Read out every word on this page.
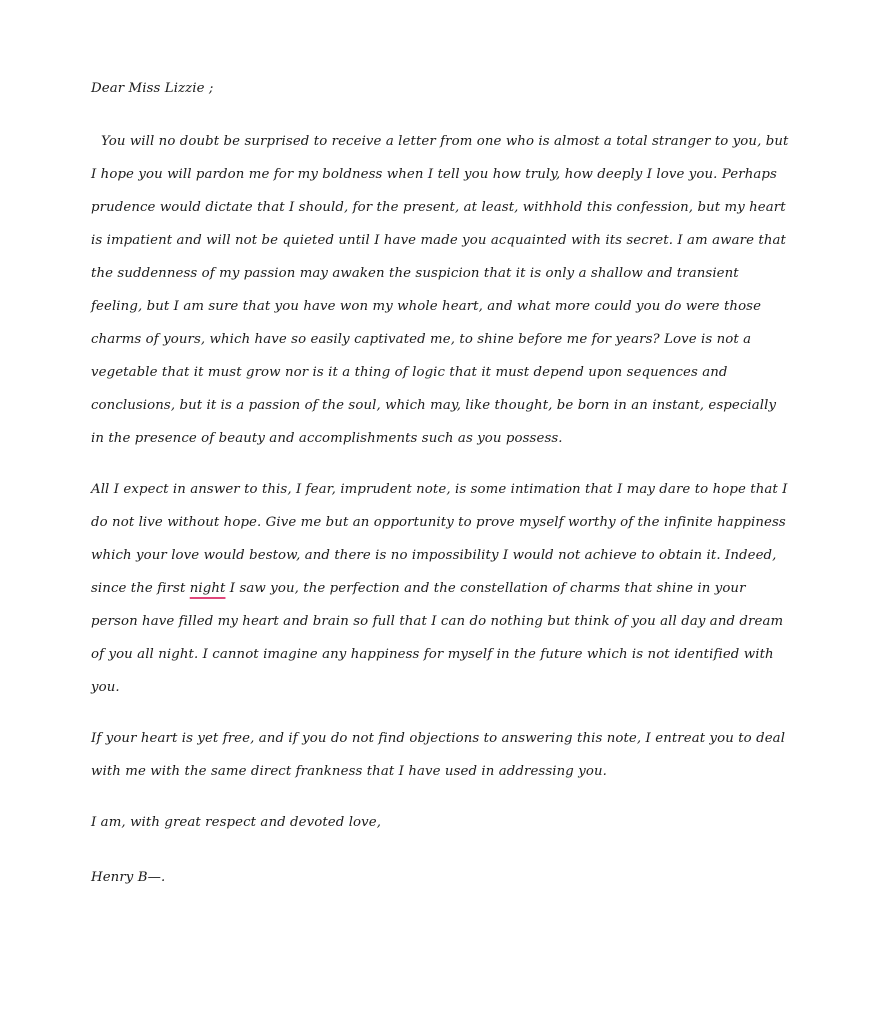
Dear Miss Lizzie ;

You will no doubt be surprised to receive a letter from one who is almost a total stranger to you, but I hope you will pardon me for my boldness when I tell you how truly, how deeply I love you. Perhaps prudence would dictate that I should, for the present, at least, withhold this confession, but my heart is impatient and will not be quieted until I have made you acquainted with its secret. I am aware that the suddenness of my passion may awaken the suspicion that it is only a shallow and transient feeling, but I am sure that you have won my whole heart, and what more could you do were those charms of yours, which have so easily captivated me, to shine before me for years? Love is not a vegetable that it must grow nor is it a thing of logic that it must depend upon sequences and conclusions, but it is a passion of the soul, which may, like thought, be born in an instant, especially in the presence of beauty and accomplishments such as you possess.

All I expect in answer to this, I fear, imprudent note, is some intimation that I may dare to hope that I do not live without hope. Give me but an opportunity to prove myself worthy of the infinite happiness which your love would bestow, and there is no impossibility I would not achieve to obtain it. Indeed, since the first night I saw you, the perfection and the constellation of charms that shine in your person have filled my heart and brain so full that I can do nothing but think of you all day and dream of you all night. I cannot imagine any happiness for myself in the future which is not identified with you.

If your heart is yet free, and if you do not find objections to answering this note, I entreat you to deal with me with the same direct frankness that I have used in addressing you.

I am, with great respect and devoted love,

Henry B—.
